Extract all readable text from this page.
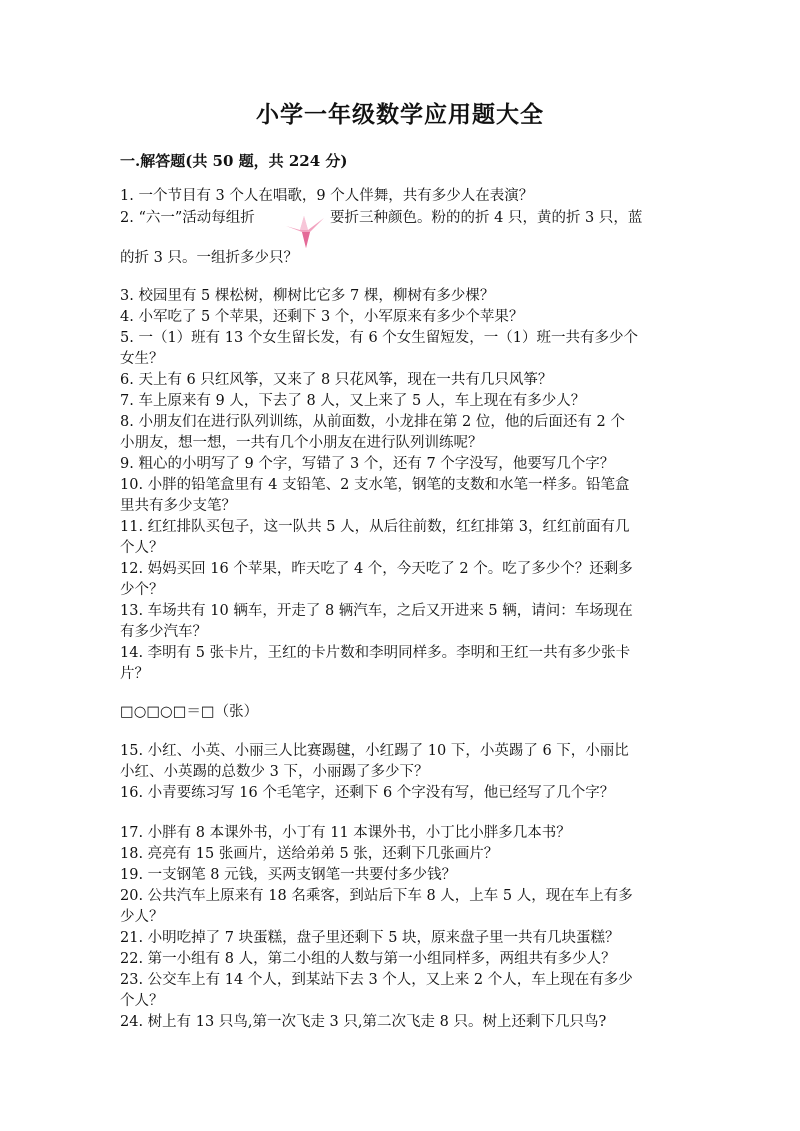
小学一年级数学应用题大全
一.解答题(共 50 题，共 224 分)
1. 一个节目有 3 个人在唱歌，9 个人伴舞，共有多少人在表演？
2. “六一”活动每组折	要折三种颜色。粉的的折 4 只，黄的折 3 只，蓝
的折 3 只。一组折多少只？
3. 校园里有 5 棵松树，柳树比它多 7 棵，柳树有多少棵？
4. 小军吃了 5 个苹果，还剩下 3 个，小军原来有多少个苹果？
5. 一（1）班有 13 个女生留长发，有 6 个女生留短发，一（1）班一共有多少个
女生？
6. 天上有 6 只红风筝，又来了 8 只花风筝，现在一共有几只风筝？
7. 车上原来有 9 人，下去了 8 人，又上来了 5 人，车上现在有多少人？
8. 小朋友们在进行队列训练，从前面数，小龙排在第 2 位，他的后面还有 2 个
小朋友，想一想，一共有几个小朋友在进行队列训练呢？
9. 粗心的小明写了 9 个字，写错了 3 个，还有 7 个字没写，他要写几个字？
10. 小胖的铅笔盒里有 4 支铅笔、2 支水笔，钢笔的支数和水笔一样多。铅笔盒
里共有多少支笔？
11. 红红排队买包子，这一队共 5 人，从后往前数，红红排第 3，红红前面有几
个人？
12. 妈妈买回 16 个苹果，昨天吃了 4 个，今天吃了 2 个。吃了多少个？还剩多
少个？
13. 车场共有 10 辆车，开走了 8 辆汽车，之后又开进来 5 辆，请问：车场现在
有多少汽车？
14. 李明有 5 张卡片，王红的卡片数和李明同样多。李明和王红一共有多少张卡
片？
□○□○□＝□（张）
15. 小红、小英、小丽三人比赛踢毽，小红踢了 10 下，小英踢了 6 下，小丽比
小红、小英踢的总数少 3 下，小丽踢了多少下？
16. 小青要练习写 16 个毛笔字，还剩下 6 个字没有写，他已经写了几个字？
17. 小胖有 8 本课外书，小丁有 11 本课外书，小丁比小胖多几本书？
18. 亮亮有 15 张画片，送给弟弟 5 张，还剩下几张画片？
19. 一支钢笔 8 元钱，买两支钢笔一共要付多少钱？
20. 公共汽车上原来有 18 名乘客，到站后下车 8 人，上车 5 人，现在车上有多
少人？
21. 小明吃掉了 7 块蛋糕，盘子里还剩下 5 块，原来盘子里一共有几块蛋糕？
22. 第一小组有 8 人，第二小组的人数与第一小组同样多，两组共有多少人？
23. 公交车上有 14 个人，到某站下去 3 个人，又上来 2 个人，车上现在有多少
个人？
24. 树上有 13 只鸟,第一次飞走 3 只,第二次飞走 8 只。树上还剩下几只鸟?
